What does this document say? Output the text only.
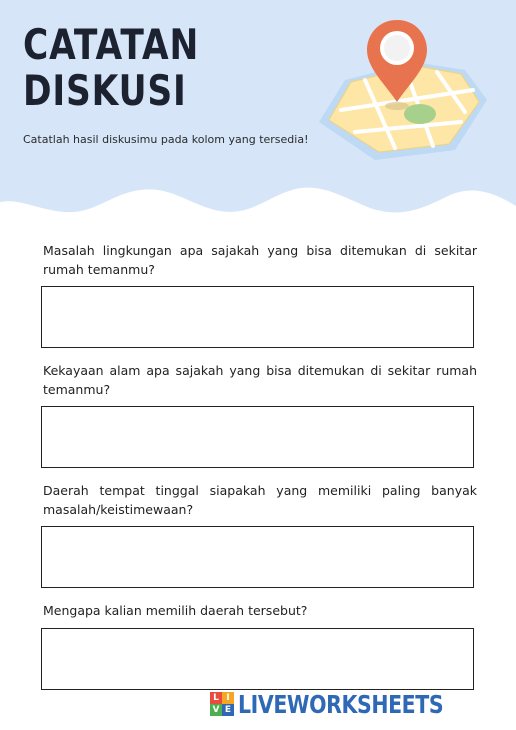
CATATAN
DISKUSI
Catatlah hasil diskusimu pada kolom yang tersedia!
Masalah lingkungan apa sajakah yang bisa ditemukan di sekitar rumah temanmu?
Kekayaan alam apa sajakah yang bisa ditemukan di sekitar rumah temanmu?
Daerah tempat tinggal siapakah yang memiliki paling banyak masalah/keistimewaan?
Mengapa kalian memilih daerah tersebut?
L I
V E LIVEWORKSHEETS
